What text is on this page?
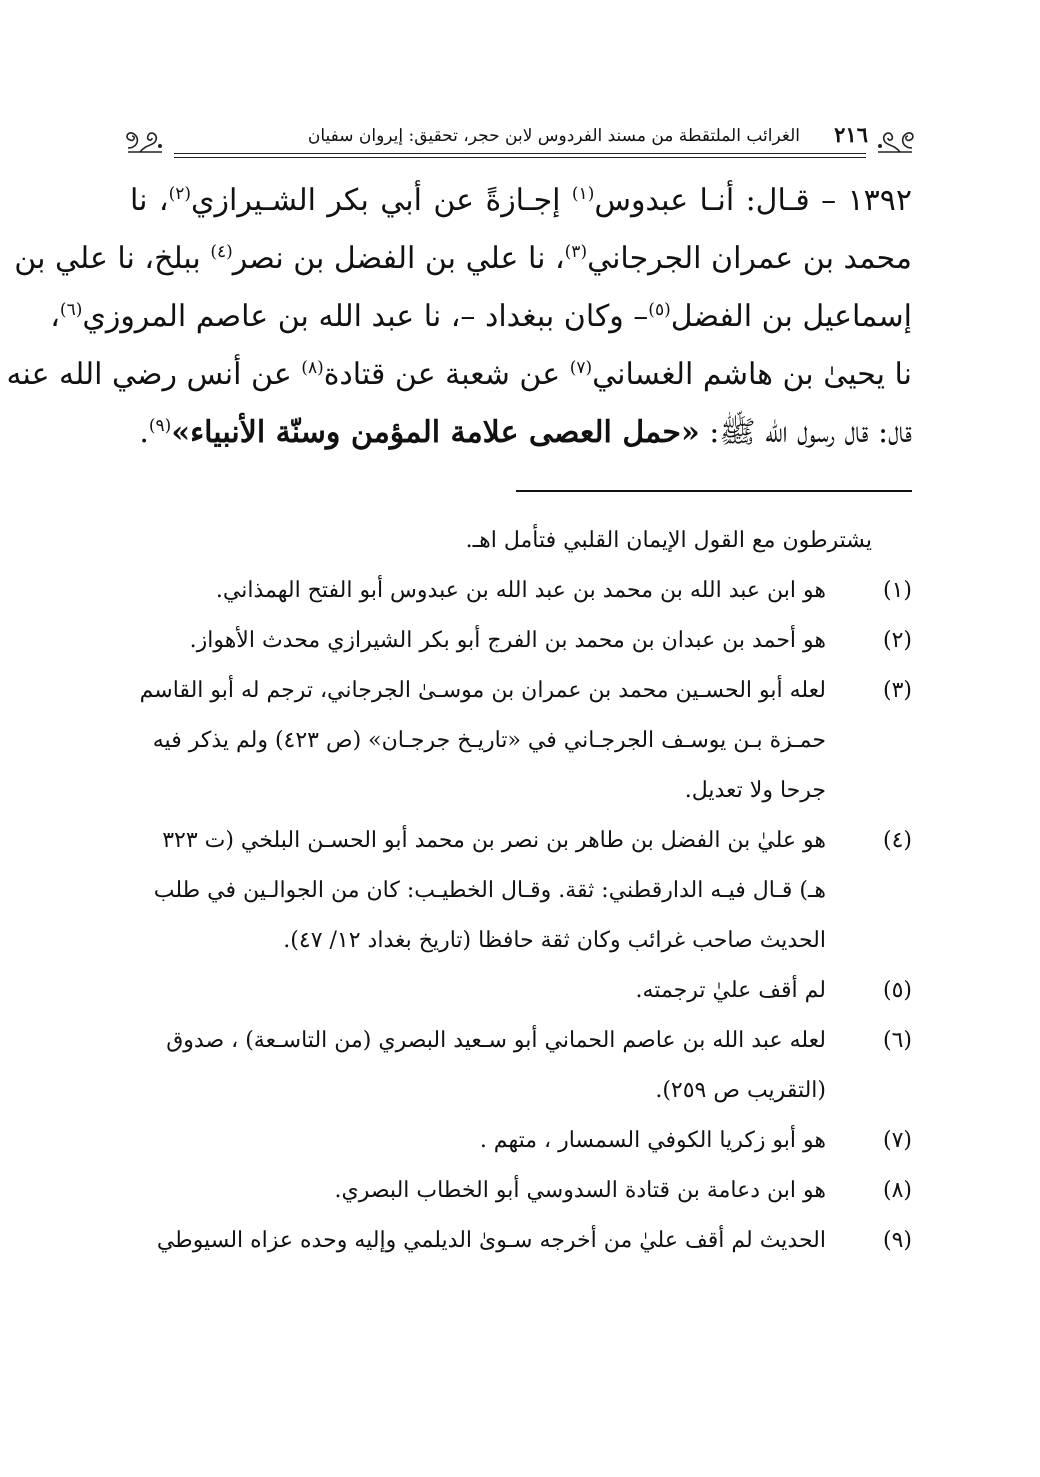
٢١٦
الغرائب الملتقطة من مسند الفردوس لابن حجر، تحقيق: إيروان سفيان
١٣٩٢ – قـال: أنـا عبدوس$^{(١)}$ إجـازةً عن أبي بكر الشـيرازي$^{(٢)}$، نا
محمد بن عمران الجرجاني$^{(٣)}$، نا علي بن الفضل بن نصر$^{(٤)}$ ببلخ، نا علي بن
إسماعيل بن الفضل$^{(٥)}$– وكان ببغداد –، نا عبد الله بن عاصم المروزي$^{(٦)}$،
نا يحيىٰ بن هاشم الغساني$^{(٧)}$ عن شعبة عن قتادة$^{(٨)}$ عن أنس رضي الله عنه
قال: قال رسول الله ﷺ: «حمل العصى علامة المؤمن وسنّة الأنبياء»$^{(٩)}$.
يشترطون مع القول الإيمان القلبي فتأمل اهـ.
(١)
هو ابن عبد الله بن محمد بن عبد الله بن عبدوس أبو الفتح الهمذاني.
(٢)
هو أحمد بن عبدان بن محمد بن الفرج أبو بكر الشيرازي محدث الأهواز.
(٣)
لعله أبو الحسـين محمد بن عمران بن موسـىٰ الجرجاني، ترجم له أبو القاسم
حمـزة بـن يوسـف الجرجـاني في «تاريـخ جرجـان» (ص ٤٢٣) ولم يذكر فيه
جرحا ولا تعديل.
(٤)
هو عليٰ بن الفضل بن طاهر بن نصر بن محمد أبو الحسـن البلخي (ت ٣٢٣
هـ) قـال فيـه الدارقطني: ثقة. وقـال الخطيـب: كان من الجوالـين في طلب
الحديث صاحب غرائب وكان ثقة حافظا (تاريخ بغداد ١٢/ ٤٧).
(٥)
لم أقف عليٰ ترجمته.
(٦)
لعله عبد الله بن عاصم الحماني أبو سـعيد البصري (من التاسـعة) ، صدوق
(التقريب ص ٢٥٩).
(٧)
هو أبو زكريا الكوفي السمسار ، متهم .
(٨)
هو ابن دعامة بن قتادة السدوسي أبو الخطاب البصري.
(٩)
الحديث لم أقف عليٰ من أخرجه سـوىٰ الديلمي وإليه وحده عزاه السيوطي
